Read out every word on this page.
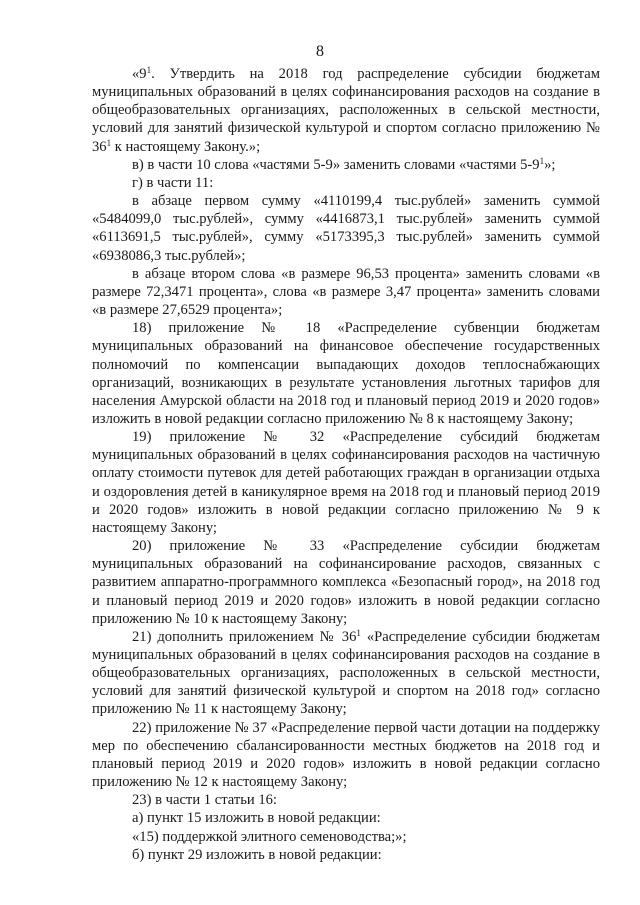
8

«$9^1$. Утвердить на 2018 год распределение субсидии бюджетам муниципальных образований в целях софинансирования расходов на создание в общеобразовательных организациях, расположенных в сельской местности, условий для занятий физической культурой и спортом согласно приложению № $36^1$ к настоящему Закону.»;

в) в части 10 слова «частями 5-9» заменить словами «частями $5-9^1$»;

г) в части 11:

в абзаце первом сумму «4110199,4 тыс.рублей» заменить суммой «5484099,0 тыс.рублей», сумму «4416873,1 тыс.рублей» заменить суммой «6113691,5 тыс.рублей», сумму «5173395,3 тыс.рублей» заменить суммой «6938086,3 тыс.рублей»;

в абзаце втором слова «в размере 96,53 процента» заменить словами «в размере 72,3471 процента», слова «в размере 3,47 процента» заменить словами «в размере 27,6529 процента»;

18) приложение № 18 «Распределение субвенции бюджетам муниципальных образований на финансовое обеспечение государственных полномочий по компенсации выпадающих доходов теплоснабжающих организаций, возникающих в результате установления льготных тарифов для населения Амурской области на 2018 год и плановый период 2019 и 2020 годов» изложить в новой редакции согласно приложению № 8 к настоящему Закону;

19) приложение № 32 «Распределение субсидий бюджетам муниципальных образований в целях софинансирования расходов на частичную оплату стоимости путевок для детей работающих граждан в организации отдыха и оздоровления детей в каникулярное время на 2018 год и плановый период 2019 и 2020 годов» изложить в новой редакции согласно приложению № 9 к настоящему Закону;

20) приложение № 33 «Распределение субсидии бюджетам муниципальных образований на софинансирование расходов, связанных с развитием аппаратно-программного комплекса «Безопасный город», на 2018 год и плановый период 2019 и 2020 годов» изложить в новой редакции согласно приложению № 10 к настоящему Закону;

21) дополнить приложением № $36^1$ «Распределение субсидии бюджетам муниципальных образований в целях софинансирования расходов на создание в общеобразовательных организациях, расположенных в сельской местности, условий для занятий физической культурой и спортом на 2018 год» согласно приложению № 11 к настоящему Закону;

22) приложение № 37 «Распределение первой части дотации на поддержку мер по обеспечению сбалансированности местных бюджетов на 2018 год и плановый период 2019 и 2020 годов» изложить в новой редакции согласно приложению № 12 к настоящему Закону;

23) в части 1 статьи 16:

а) пункт 15 изложить в новой редакции:

«15) поддержкой элитного семеноводства;»;

б) пункт 29 изложить в новой редакции:
